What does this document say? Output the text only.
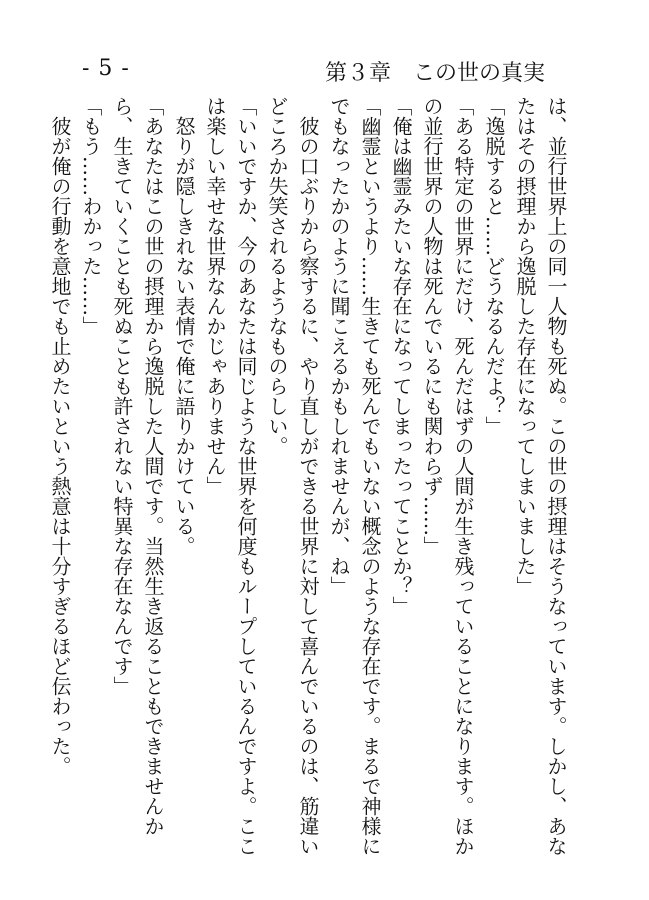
- 5 -	第３章　この世の真実
は、並行世界上の同一人物も死ぬ。この世の摂理はそうなっています。しかし、あな
たはその摂理から逸脱した存在になってしまいました」
「逸脱すると……どうなるんだよ？」
「ある特定の世界にだけ、死んだはずの人間が生き残っていることになります。ほか
の並行世界の人物は死んでいるにも関わらず……」
「俺は幽霊みたいな存在になってしまったってことか？」
「幽霊というより……生きても死んでもいない概念のような存在です。まるで神様に
でもなったかのように聞こえるかもしれませんが、ね」
　彼の口ぶりから察するに、やり直しができる世界に対して喜んでいるのは、筋違い
どころか失笑されるようなものらしい。
「いいですか、今のあなたは同じような世界を何度もループしているんですよ。ここ
は楽しい幸せな世界なんかじゃありません」
　怒りが隠しきれない表情で俺に語りかけている。
「あなたはこの世の摂理から逸脱した人間です。当然生き返ることもできませんか
ら、生きていくことも死ぬことも許されない特異な存在なんです」
「もう……わかった……」
　彼が俺の行動を意地でも止めたいという熱意は十分すぎるほど伝わった。
